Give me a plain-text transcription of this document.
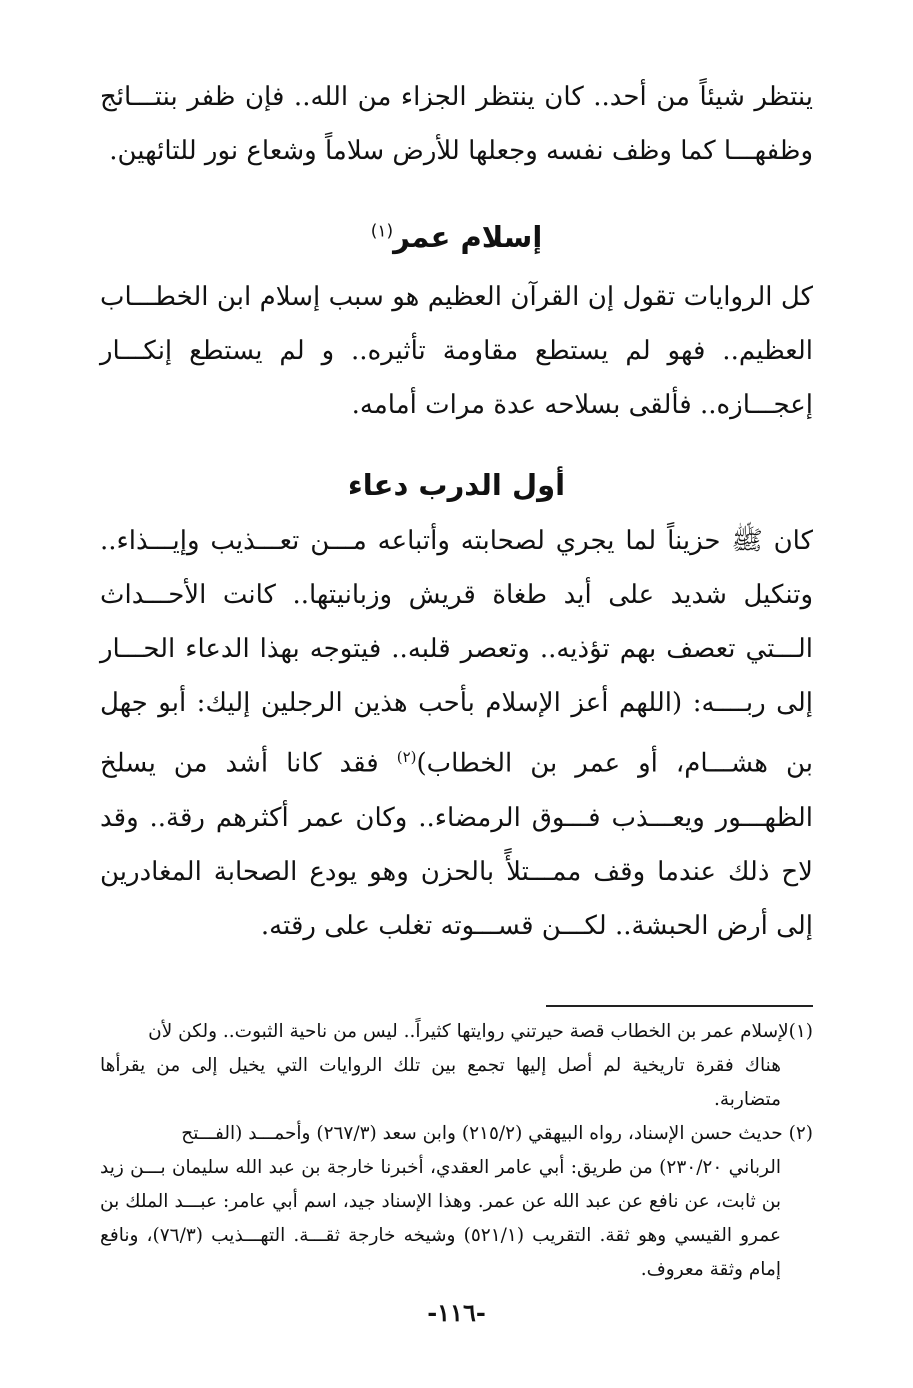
ينتظر شيئاً من أحد.. كان ينتظر الجزاء من الله.. فإن ظفر بنتـــائج وظفهـــا كما وظف نفسه وجعلها للأرض سلاماً وشعاع نور للتائهين.

إسلام عمر$^{(١)}$

كل الروايات تقول إن القرآن العظيم هو سبب إسلام ابن الخطـــاب العظيم.. فهو لم يستطع مقاومة تأثيره.. و لم يستطع إنكـــار إعجـــازه.. فألقى بسلاحه عدة مرات أمامه.

أول الدرب دعاء

كان ﷺ حزيناً لما يجري لصحابته وأتباعه مـــن تعـــذيب وإيـــذاء.. وتنكيل شديد على أيد طغاة قريش وزبانيتها.. كانت الأحـــداث الـــتي تعصف بهم تؤذيه.. وتعصر قلبه.. فيتوجه بهذا الدعاء الحـــار إلى ربــــه: (اللهم أعز الإسلام بأحب هذين الرجلين إليك: أبو جهل بن هشـــام، أو عمر بن الخطاب)$^{(٢)}$ فقد كانا أشد من يسلخ الظهـــور ويعـــذب فـــوق الرمضاء.. وكان عمر أكثرهم رقة.. وقد لاح ذلك عندما وقف ممـــتلأً بالحزن وهو يودع الصحابة المغادرين إلى أرض الحبشة.. لكـــن قســـوته تغلب على رقته.

(١)لإسلام عمر بن الخطاب قصة حيرتني روايتها كثيراً.. ليس من ناحية الثبوت.. ولكن لأن

هناك فقرة تاريخية لم أصل إليها تجمع بين تلك الروايات التي يخيل إلى من يقرأها متضاربة.

(٢) حديث حسن الإسناد، رواه البيهقي (٢١٥/٢) وابن سعد (٢٦٧/٣) وأحمـــد (الفـــتح

الرباني ٢٣٠/٢٠) من طريق: أبي عامر العقدي، أخبرنا خارجة بن عبد الله سليمان بـــن زيد بن ثابت، عن نافع عن عبد الله عن عمر. وهذا الإسناد جيد، اسم أبي عامر: عبـــد الملك بن عمرو القيسي وهو ثقة. التقريب (٥٢١/١) وشيخه خارجة ثقـــة. التهـــذيب (٧٦/٣)، ونافع إمام وثقة معروف.

-١١٦-
